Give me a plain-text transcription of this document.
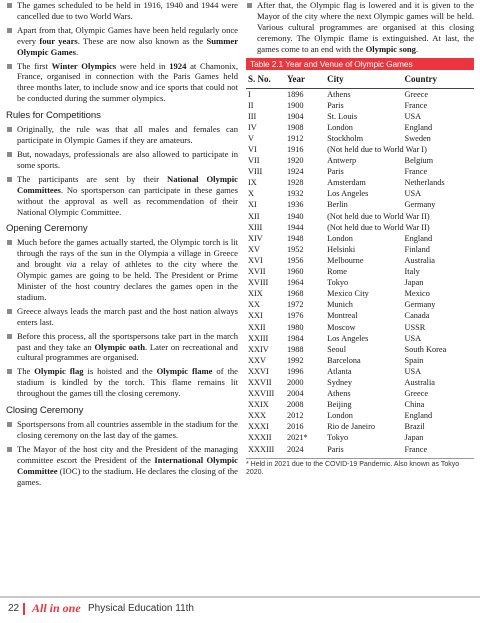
The games scheduled to be held in 1916, 1940 and 1944 were cancelled due to two World Wars.

Apart from that, Olympic Games have been held regularly once every four years. These are now also known as the Summer Olympic Games.

The first Winter Olympics were held in 1924 at Chamonix, France, organised in connection with the Paris Games held three months later, to include snow and ice sports that could not be conducted during the summer olympics.

Rules for Competitions

Originally, the rule was that all males and females can participate in Olympic Games if they are amateurs.

But, nowadays, professionals are also allowed to participate in some sports.

The participants are sent by their National Olympic Committees. No sportsperson can participate in these games without the approval as well as recommendation of their National Olympic Committee.

Opening Ceremony

Much before the games actually started, the Olympic torch is lit through the rays of the sun in the Olympia a village in Greece and brought via a relay of athletes to the city where the Olympic games are going to be held. The President or Prime Minister of the host country declares the games open in the stadium.

Greece always leads the march past and the host nation always enters last.

Before this process, all the sportspersons take part in the march past and they take an Olympic oath. Later on recreational and cultural programmes are organised.

The Olympic flag is hoisted and the Olympic flame of the stadium is kindled by the torch. This flame remains lit throughout the games till the closing ceremony.

Closing Ceremony

Sportspersons from all countries assemble in the stadium for the closing ceremony on the last day of the games.

The Mayor of the host city and the President of the managing committee escort the President of the International Olympic Committee (IOC) to the stadium. He declares the closing of the games.

After that, the Olympic flag is lowered and it is given to the Mayor of the city where the next Olympic games will be held. Various cultural programmes are organised at this closing ceremony. The Olympic flame is extinguished. At last, the games come to an end with the Olympic song.

Table 2.1 Year and Venue of Olympic Games
S. No.	Year	City	Country
I	1896	Athens	Greece
II	1900	Paris	France
III	1904	St. Louis	USA
IV	1908	London	England
V	1912	Stockholm	Sweden
VI	1916	(Not held due to World War I)	
VII	1920	Antwerp	Belgium
VIII	1924	Paris	France
IX	1928	Amsterdam	Netherlands
X	1932	Los Angeles	USA
XI	1936	Berlin	Germany
XII	1940	(Not held due to World War II)	
XIII	1944	(Not held due to World War II)	
XIV	1948	London	England
XV	1952	Helsinki	Finland
XVI	1956	Melbourne	Australia
XVII	1960	Rome	Italy
XVIII	1964	Tokyo	Japan
XIX	1968	Mexico City	Mexico
XX	1972	Munich	Germany
XXI	1976	Montreal	Canada
XXII	1980	Moscow	USSR
XXIII	1984	Los Angeles	USA
XXIV	1988	Seoul	South Korea
XXV	1992	Barcelona	Spain
XXVI	1996	Atlanta	USA
XXVII	2000	Sydney	Australia
XXVIII	2004	Athens	Greece
XXIX	2008	Beijing	China
XXX	2012	London	England
XXXI	2016	Rio de Janeiro	Brazil
XXXII	2021*	Tokyo	Japan
XXXIII	2024	Paris	France
* Held in 2021 due to the COVID-19 Pandemic. Also known as Tokyo 2020.
22 All in one Physical Education 11th
